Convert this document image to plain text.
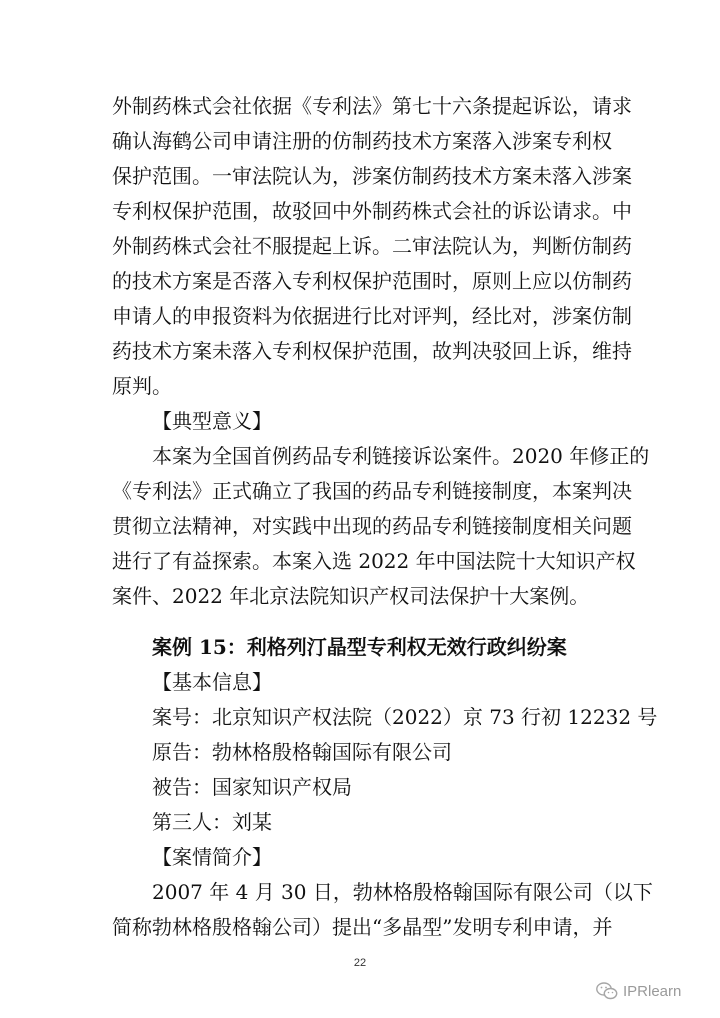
外制药株式会社依据《专利法》第七十六条提起诉讼，请求
确认海鹤公司申请注册的仿制药技术方案落入涉案专利权
保护范围。一审法院认为，涉案仿制药技术方案未落入涉案
专利权保护范围，故驳回中外制药株式会社的诉讼请求。中
外制药株式会社不服提起上诉。二审法院认为，判断仿制药
的技术方案是否落入专利权保护范围时，原则上应以仿制药
申请人的申报资料为依据进行比对评判，经比对，涉案仿制
药技术方案未落入专利权保护范围，故判决驳回上诉，维持
原判。
【典型意义】
本案为全国首例药品专利链接诉讼案件。2020 年修正的
《专利法》正式确立了我国的药品专利链接制度，本案判决
贯彻立法精神，对实践中出现的药品专利链接制度相关问题
进行了有益探索。本案入选 2022 年中国法院十大知识产权
案件、2022 年北京法院知识产权司法保护十大案例。
案例 15：利格列汀晶型专利权无效行政纠纷案
【基本信息】
案号：北京知识产权法院（2022）京 73 行初 12232 号
原告：勃林格殷格翰国际有限公司
被告：国家知识产权局
第三人：刘某
【案情简介】
2007 年 4 月 30 日，勃林格殷格翰国际有限公司（以下
简称勃林格殷格翰公司）提出“多晶型”发明专利申请，并
22
IPRlearn
